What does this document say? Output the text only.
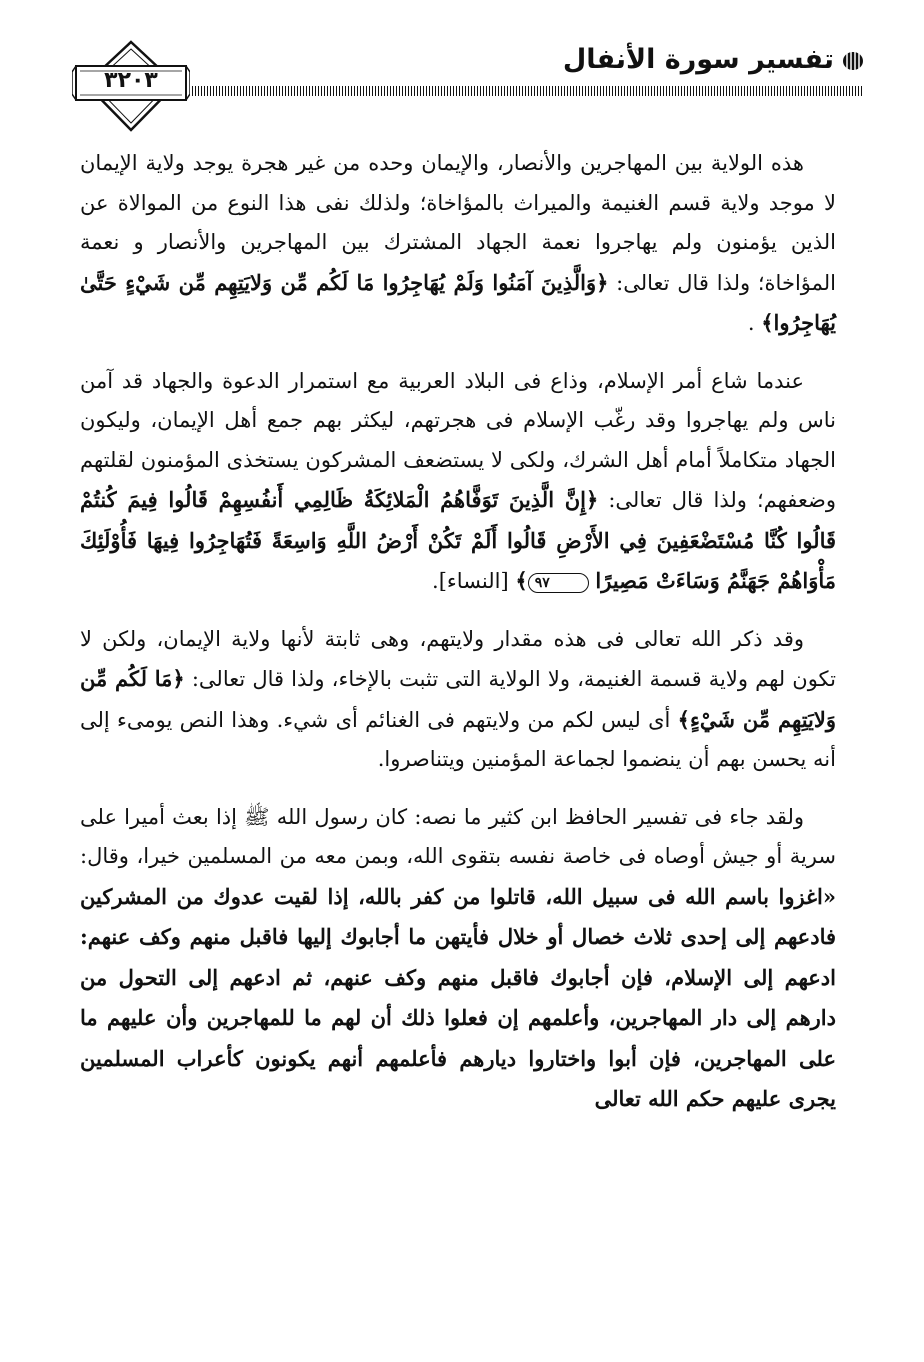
تفسير سورة الأنفال
٣٢٠٣

هذه الولاية بين المهاجرين والأنصار، والإيمان وحده من غير هجرة يوجد ولاية الإيمان لا موجد ولاية قسم الغنيمة والميراث بالمؤاخاة؛ ولذلك نفى هذا النوع من الموالاة عن الذين يؤمنون ولم يهاجروا نعمة الجهاد المشترك بين المهاجرين والأنصار و نعمة المؤاخاة؛ ولذا قال تعالى: ﴿وَالَّذِينَ آمَنُوا وَلَمْ يُهَاجِرُوا مَا لَكُم مِّن وَلايَتِهِم مِّن شَيْءٍ حَتَّىٰ يُهَاجِرُوا﴾ .

عندما شاع أمر الإسلام، وذاع فى البلاد العربية مع استمرار الدعوة والجهاد قد آمن ناس ولم يهاجروا وقد رغّب الإسلام فى هجرتهم، ليكثر بهم جمع أهل الإيمان، وليكون الجهاد متكاملاً أمام أهل الشرك، ولكى لا يستضعف المشركون يستخذى المؤمنون لقلتهم وضعفهم؛ ولذا قال تعالى: ﴿إِنَّ الَّذِينَ تَوَفَّاهُمُ الْمَلائِكَةُ ظَالِمِي أَنفُسِهِمْ قَالُوا فِيمَ كُنتُمْ قَالُوا كُنَّا مُسْتَضْعَفِينَ فِي الأَرْضِ قَالُوا أَلَمْ تَكُنْ أَرْضُ اللَّهِ وَاسِعَةً فَتُهَاجِرُوا فِيهَا فَأُوْلَئِكَ مَأْوَاهُمْ جَهَنَّمُ وَسَاءَتْ مَصِيرًا ٩٧﴾ [النساء].

وقد ذكر الله تعالى فى هذه مقدار ولايتهم، وهى ثابتة لأنها ولاية الإيمان، ولكن لا تكون لهم ولاية قسمة الغنيمة، ولا الولاية التى تثبت بالإخاء، ولذا قال تعالى: ﴿مَا لَكُم مِّن وَلايَتِهِم مِّن شَيْءٍ﴾ أى ليس لكم من ولايتهم فى الغنائم أى شيء. وهذا النص يومىء إلى أنه يحسن بهم أن ينضموا لجماعة المؤمنين ويتناصروا.

ولقد جاء فى تفسير الحافظ ابن كثير ما نصه: كان رسول الله ﷺ إذا بعث أميرا على سرية أو جيش أوصاه فى خاصة نفسه بتقوى الله، وبمن معه من المسلمين خيرا، وقال: «اغزوا باسم الله فى سبيل الله، قاتلوا من كفر بالله، إذا لقيت عدوك من المشركين فادعهم إلى إحدى ثلاث خصال أو خلال فأيتهن ما أجابوك إليها فاقبل منهم وكف عنهم: ادعهم إلى الإسلام، فإن أجابوك فاقبل منهم وكف عنهم، ثم ادعهم إلى التحول من دارهم إلى دار المهاجرين، وأعلمهم إن فعلوا ذلك أن لهم ما للمهاجرين وأن عليهم ما على المهاجرين، فإن أبوا واختاروا ديارهم فأعلمهم أنهم يكونون كأعراب المسلمين يجرى عليهم حكم الله تعالى
